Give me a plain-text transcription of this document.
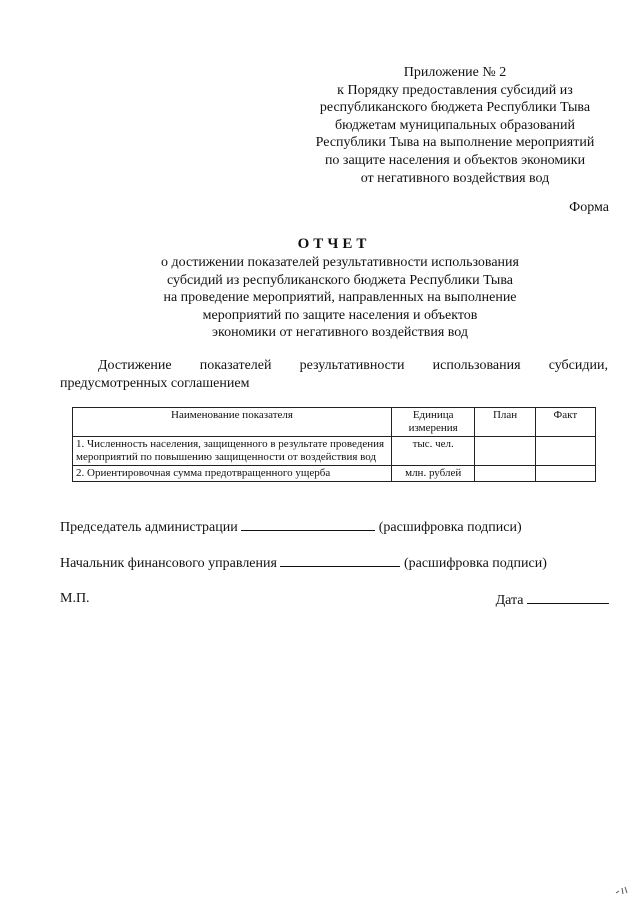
Приложение № 2
к Порядку предоставления субсидий из
республиканского бюджета Республики Тыва
бюджетам муниципальных образований
Республики Тыва на выполнение мероприятий
по защите населения и объектов экономики
от негативного воздействия вод
Форма
ОТЧЕТ
о достижении показателей результативности использования
субсидий из республиканского бюджета Республики Тыва
на проведение мероприятий, направленных на выполнение
мероприятий по защите населения и объектов
экономики от негативного воздействия вод
Достижение показателей результативности использования субсидии, предусмотренных соглашением
Наименование показателя	Единица измерения	План	Факт
1. Численность населения, защищенного в результате проведения мероприятий по повышению защищенности от воздействия вод	тыс. чел.		
2. Ориентировочная сумма предотвращенного ущерба	млн. рублей		
Председатель администрации	(расшифровка подписи)
Начальник финансового управления	(расшифровка подписи)
М.П.	Дата
